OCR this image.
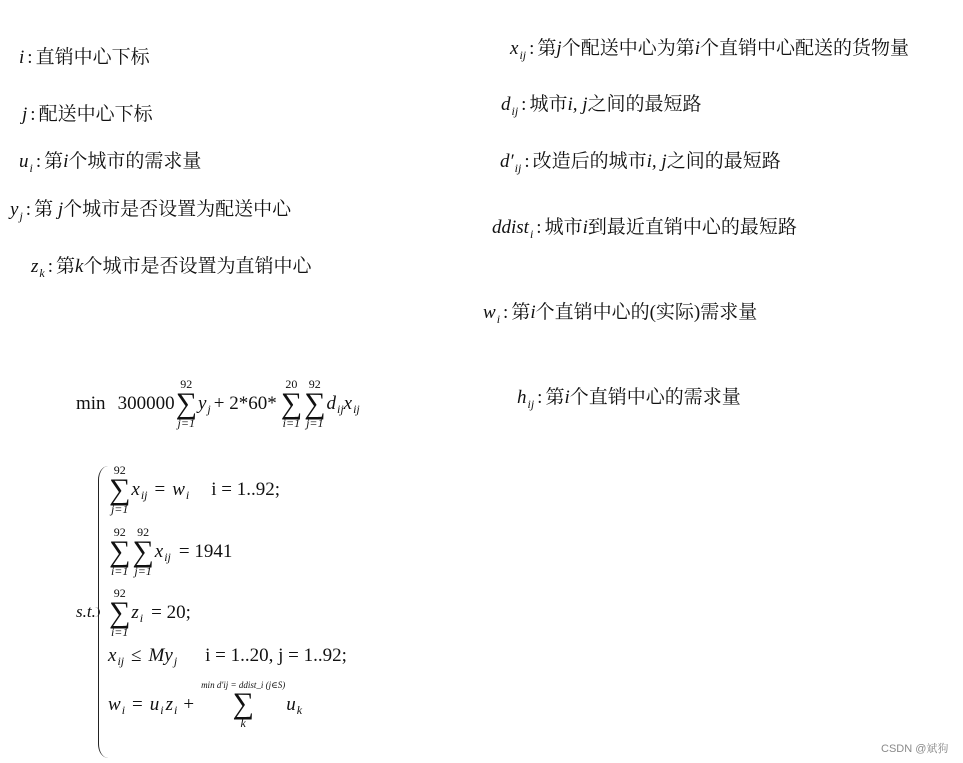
i : 直销中心下标
j : 配送中心下标
$u_i$ : 第i个城市的需求量
$y_j$ : 第 j个城市是否设置为配送中心
$z_k$ : 第k个城市是否设置为直销中心
$x_{ij}$ : 第j个配送中心为第i个直销中心配送的货物量
$d_{ij}$ : 城市i, j之间的最短路
$d'_{ij}$ : 改造后的城市i, j之间的最短路
ddist$_i$ : 城市i到最近直销中心的最短路
$w_i$ : 第i个直销中心的(实际)需求量
$h_{ij}$ : 第i个直销中心的需求量
min 300000
92
∑
j=1
y j + 2*60*
20
∑
i=1
92
∑
j=1
d ij x ij
s.t.
92
∑
j=1
x ij = w i i = 1..92;
92
∑
i=1
92
∑
j=1
x ij = 1941
92
∑
i=1
z i = 20;
x ij ≤ My j i = 1..20, j = 1..92;
w i = u i z i +
min d′ij = ddist_i (j∈S)
∑
k
u k
CSDN @斌狗
